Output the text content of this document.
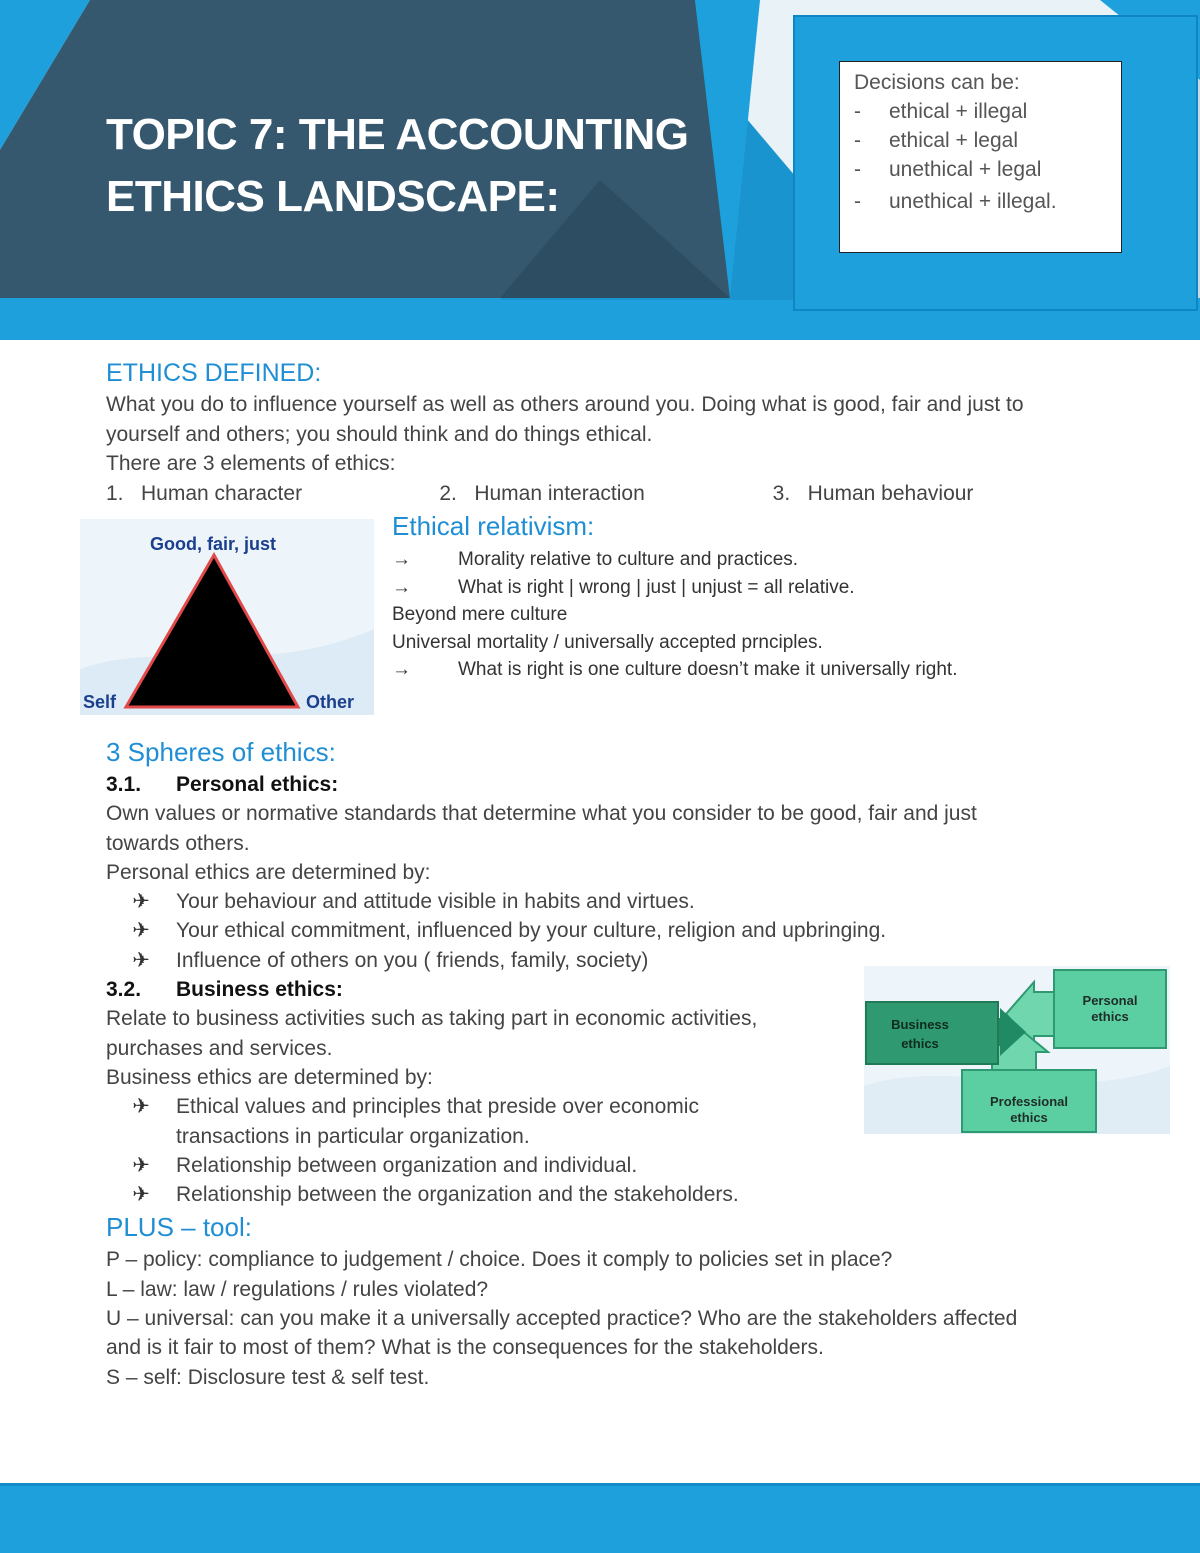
TOPIC 7: THE ACCOUNTING
ETHICS LANDSCAPE:
Decisions can be:
- ethical + illegal
- ethical + legal
- unethical + legal
- unethical + illegal.
ETHICS DEFINED:

What you do to influence yourself as well as others around you. Doing what is good, fair and just to

yourself and others; you should think and do things ethical.

There are 3 elements of ethics:

1. Human character	2. Human interaction	3. Human behaviour
Good, fair, just
Self	Other
Ethical relativism:
→	Morality relative to culture and practices.
→	What is right | wrong | just | unjust = all relative.
Beyond mere culture
Universal mortality / universally accepted prnciples.
→	What is right is one culture doesn’t make it universally right.
3 Spheres of ethics:
3.1. Personal ethics:

Own values or normative standards that determine what you consider to be good, fair and just

towards others.

Personal ethics are determined by:

✈	Your behaviour and attitude visible in habits and virtues.
✈	Your ethical commitment, influenced by your culture, religion and upbringing.
✈	Influence of others on you ( friends, family, society)
3.2. Business ethics:

Relate to business activities such as taking part in economic activities,

purchases and services.

Business ethics are determined by:

✈	Ethical values and principles that preside over economic
transactions in particular organization.
✈	Relationship between organization and individual.
✈	Relationship between the organization and the stakeholders.
PLUS – tool:

P – policy: compliance to judgement / choice. Does it comply to policies set in place?

L – law: law / regulations / rules violated?

U – universal: can you make it a universally accepted practice? Who are the stakeholders affected

and is it fair to most of them? What is the consequences for the stakeholders.

S – self: Disclosure test & self test.

Personal
ethics
Professional
ethics
Business
ethics
